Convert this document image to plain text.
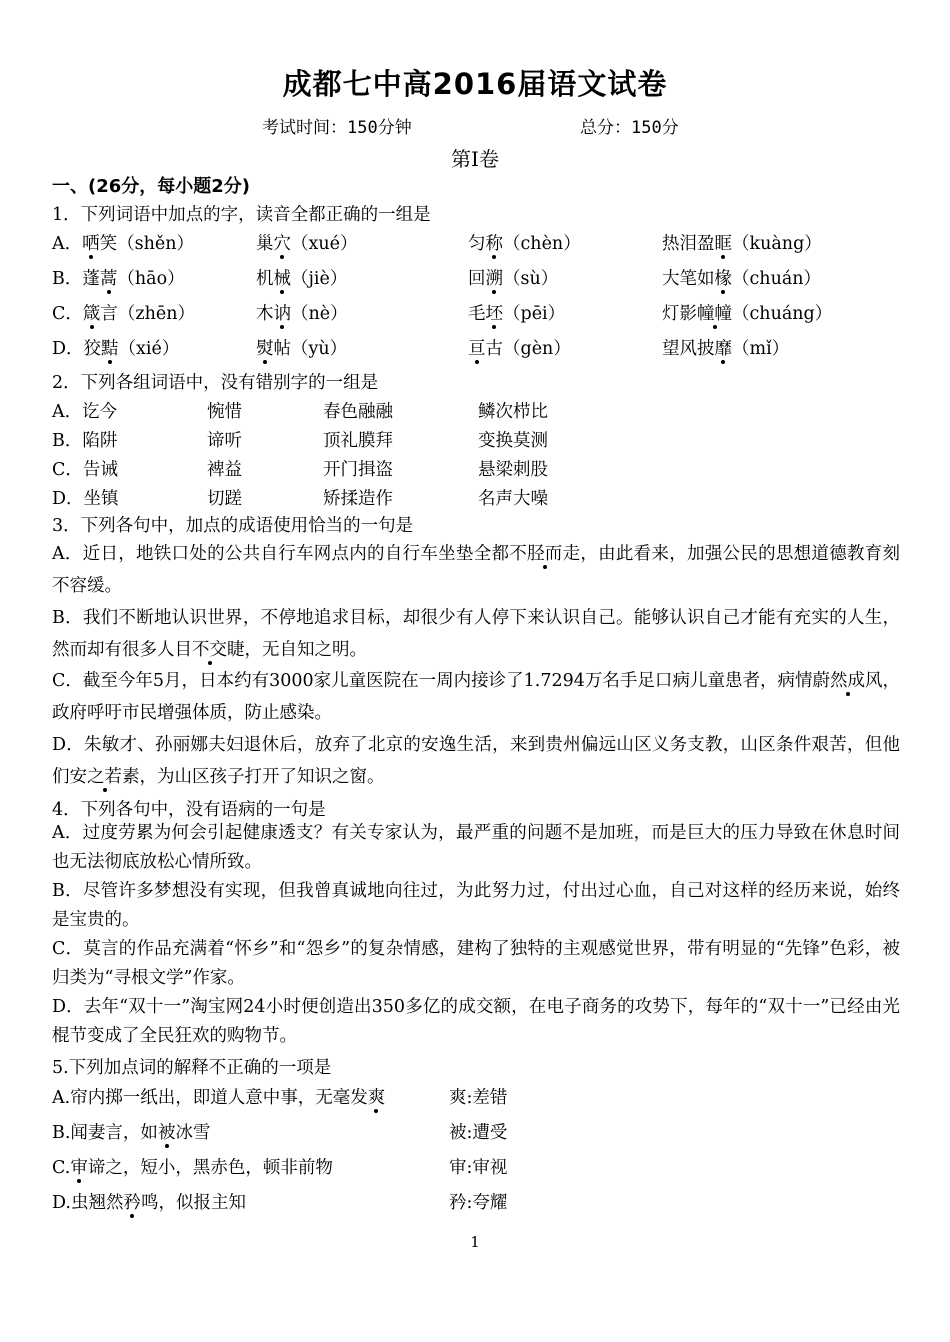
成都七中高2016届语文试卷
考试时间：150分钟	总分：150分
第Ⅰ卷
一、(26分，每小题2分)
1．下列词语中加点的字，读音全都正确的一组是
A．哂笑（shěn）	巢穴（xué）	匀称（chèn）	热泪盈眶（kuàng）
B．蓬蒿（hāo）	机械（jiè）	回溯（sù）	大笔如椽（chuán）
C．箴言（zhēn）	木讷（nè）	毛坯（pēi）	灯影幢幢（chuáng）
D．狡黠（xié）	熨帖（yù）	亘古（gèn）	望风披靡（mǐ）
2．下列各组词语中，没有错别字的一组是
A．讫今	惋惜	春色融融	鳞次栉比
B．陷阱	谛听	顶礼膜拜	变换莫测
C．告诫	裨益	开门揖盗	悬梁刺股
D．坐镇	切蹉	矫揉造作	名声大噪
3．下列各句中，加点的成语使用恰当的一句是
A．近日，地铁口处的公共自行车网点内的自行车坐垫全都不胫而走，由此看来，加强公民的思想道德教育刻不容缓。
B．我们不断地认识世界，不停地追求目标，却很少有人停下来认识自己。能够认识自己才能有充实的人生，然而却有很多人目不交睫，无自知之明。
C．截至今年5月，日本约有3000家儿童医院在一周内接诊了1.7294万名手足口病儿童患者，病情蔚然成风，政府呼吁市民增强体质，防止感染。
D．朱敏才、孙丽娜夫妇退休后，放弃了北京的安逸生活，来到贵州偏远山区义务支教，山区条件艰苦，但他们安之若素，为山区孩子打开了知识之窗。
4．下列各句中，没有语病的一句是
A．过度劳累为何会引起健康透支？有关专家认为，最严重的问题不是加班，而是巨大的压力导致在休息时间也无法彻底放松心情所致。
B．尽管许多梦想没有实现，但我曾真诚地向往过，为此努力过，付出过心血，自己对这样的经历来说，始终是宝贵的。
C．莫言的作品充满着“怀乡”和“怨乡”的复杂情感，建构了独特的主观感觉世界，带有明显的“先锋”色彩，被归类为“寻根文学”作家。
D．去年“双十一”淘宝网24小时便创造出350多亿的成交额，在电子商务的攻势下，每年的“双十一”已经由光棍节变成了全民狂欢的购物节。
5.下列加点词的解释不正确的一项是
A.帘内掷一纸出，即道人意中事，无毫发爽	爽:差错
B.闻妻言，如被冰雪	被:遭受
C.审谛之，短小，黑赤色，顿非前物	审:审视
D.虫翘然矜鸣，似报主知	矜:夸耀
1
